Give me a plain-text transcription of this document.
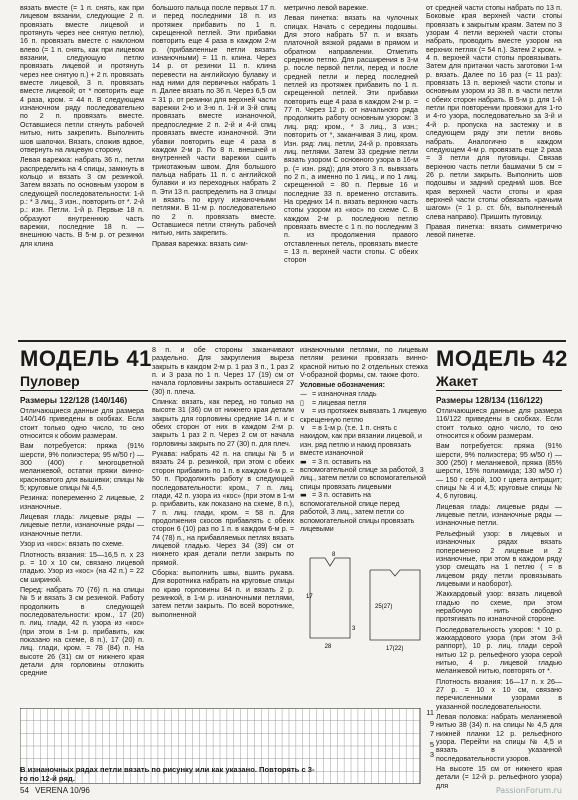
вязать вместе (= 1 п. снять, как при лицевом вязании, следующие 2 п. провязать вместе лицевой и протянуть через нее снятую петлю), 16 п. провязать вместе с наклоном влево (= 1 п. снять, как при лицевом вязании, следующую петлю провязать лицевой и протянуть через нее снятую п.) + 2 п. провязать вместе лицевой, 3 п. провязать вместе лицевой; от * повторить еще 4 раза, кром. = 44 п. В следующем изнаночном ряду последовательно по 2 п. провязать вместе. Оставшиеся петли стянуть рабочей нитью, нить закрепить. Выполнить шов шапочки. Вязать, сложив вдвое, отвернуть на лицевую сторону.

Левая варежка: набрать 36 п., петли распределить на 4 спицы, замкнуть в кольцо и вязать 3 см резинкой. Затем вязать по основным узором в следующей последовательности: 1-й р.: * 3 лиц., 3 изн., повторить от *. 2-й р.: изн. Петли. 1-й р. Первые 18 п. образуют внутреннюю часть варежки, последние 18 п. — внешнюю часть. В 5-м р. от резинки для клина

большого пальца после первых 17 п. и перед последними 18 п. из протяжек прибавить по 1 п. скрещенной петлей. Эти прибавки повторить еще 4 раза в каждом 2-м р. (прибавленные петли вязать изнаночными) = 11 п. клина. Через 14 р. от резинки 11 п. клина перевести на английскую булавку и над ними для первичных набрать 1 п. Далее вязать по 36 п. Через 6,5 см = 31 р. от резинки для верхней части варежки 2-ю и 3-ю п. 1-й и 3-й спиц провязать вместе изнаночной, предпоследние 2 п. 2-й и 4-й спиц провязать вместе изнаночной. Эти убавки повторить еще 4 раза в каждом 2-м р. По 8 п. внешней и внутренней части варежки сшить трикотажным швом. Для большого пальца набрать 11 п. с английской булавки и из переходных набрать 2 п. Эти 13 п. распределить на 3 спицы и вязать по кругу изнаночными петлями. В 11-м р. последовательно по 2 п. провязать вместе. Оставшиеся петли стянуть рабочей нитью, нить закрепить.

Правая варежка: вязать сим-

метрично левой варежке.

Левая пинетка: вязать на чулочных спицах. Начать с середины подошвы. Для этого набрать 57 п. и вязать платочной вязкой рядами в прямом и обратном направлении. Отметить среднюю петлю. Для расширения в 3-м р. после первой петли, перед и после средней петли и перед последней петлей из протяжек прибавить по 1 п. скрещенной петлей. Эти прибавки повторить еще 4 раза в каждом 2-м р. = 77 п. Через 12 р. от начального ряда продолжить работу основным узором: 3 лиц. ряд: кром., * 3 лиц., 3 изн.; повторить от *, заканчивая 3 лиц. кром. Изн. ряд: лиц. петли, 24-й р. провязать лиц. петлями. Затем 33 средние петли вязать узором С основного узора в 16-м р. (= изн. ряд); для этого 3 п. вывязать по 2 п., а именно по 1 лиц., и по 1 лиц. скрещенной = 80 п. Первые 16 и последние 33 п. временно отставить. На средних 14 п. вязать верхнюю часть стопы узором из «кос» по схеме С. В каждом 2-м р. последнюю петлю провязать вместе с 1 п. по последним 3 п. из продолжения правого отставленных петель, провязать вместе = 13 п. верхней части стопы. С обеих сторон

от средней части стопы набрать по 13 п. Боковые края верхней части стопы провязать к закрытым краям. Затем по 3 узорам 4 петли верхней части стопы набрать, проводить вместе узором на верхних петлях (= 54 п.). Затем 2 кром. + 4 п. верхней части стопы провязывать. Затем для притачки часть заготовки 1-м р. вязать. Далее по 16 раз (= 11 раз): провязать 13 п. верхней части стопы и основным узором из 38 п. в части петли с обеих сторон набрать. В 5-м р. для 1-й петли при повторении провязки для 1-го и 4-го узора, последовательно за 3-й и 4-й р. пропуска на застежку и в следующем ряду эти петли вновь набрать. Аналогично в каждом следующем 4-м р. провязать еще 2 раза = 3 петли для пуговицы. Связав верхнюю часть петли башмачки 5 см = 26 р. петли закрыть. Выполнить шов подошвы и задний средний шов. Все края верхней части стопы и края верхней части стопы обвязать «рачьим шагом» (= 1 р. ст. б/н, выполненный слева направо). Пришить пуговицу.

Правая пинетка: вязать симметрично левой пинетке.

МОДЕЛЬ 41
Пуловер
Размеры 122/128 (140/146)

Отличающиеся данные для размера 140/146 приведены в скобках. Если стоит только одно число, то оно относится к обоим размерам.

Вам потребуется: пряжа (91% шерсти, 9% полиэстера; 95 м/50 г) — 300 (400) г многоцветной меланжевой, остатки пряжи винно-красноватого для вышивки; спицы № 5; круговые спицы № 4,5.

Резинка: попеременно 2 лицевые, 2 изнаночные.

Лицевая гладь: лицевые ряды — лицевые петли, изнаночные ряды — изнаночные петли.

Узор из «кос»: вязать по схеме.

Плотность вязания: 15—16,5 п. x 23 р. = 10 х 10 см, связано лицевой гладью. Узор из «кос» (на 42 п.) = 22 см шириной.

Перед: набрать 70 (76) п. на спицы № 5 и вязать 3 см резинкой. Работу продолжить в следующей последовательности: кром., 17 (20) п. лиц. глади, 42 п. узора из «кос» (при этом в 1-м р. прибавить, как показано на схеме, 8 п.), 17 (20) п. лиц. глади, кром. = 78 (84) п. На высоте 26 (31) см от нижнего края детали для горловины отложить средние

8 п. и обе стороны заканчивают раздельно. Для закругления выреза закрыть в каждом 2-м р. 1 раз 3 п., 1 раз 2 п. и 3 раза по 1 п. Через 17 (19) см от начала горловины закрыть оставшиеся 27 (30) п. плеча.

Спинка: вязать, как перед, но только на высоте 31 (36) см от нижнего края детали закрыть для горловины средние 14 п. и с обеих сторон от них в каждом 2-м р. закрыть 1 раз 2 п. Через 2 см от начала горловины закрыть по 27 (30) п. для плеч.

Рукава: набрать 42 п. на спицы № 5 и вязать 24 р. резинкой, при этом с обеих сторон прибавить по 1 п. в каждом 6-м р. = 50 п. Продолжить работу в следующей последовательности: кром., 7 п. лиц. глади, 42 п. узора из «кос» (при этом в 1-м р. прибавить, как показано на схеме, 8 п.), 7 п. лиц. глади, кром. = 58 п. Для продолжения скосов прибавлять с обеих сторон 6 (10) раз по 1 п. в каждом 6-м р. = 74 (78) п., на прибавляемых петлях вязать лицевой гладью. Через 34 (39) см от нижнего края детали петли закрыть по прямой.

Сборка: выполнить швы, вшить рукава. Для воротника набрать на круговые спицы по краю горловины 84 п. и вязать 2 р. резинкой, в 1-м р. изнаночными петлями, затем петли закрыть. По всей воротнике, выполненной

изнаночными петлями, по лицевым петлям резинки провязать винно-красной нитью по 2 отдельных стежка V-образной формы, см. также фото.

Условные обозначения:
— = изнаночная гладь
▯ = лицевая петля
∨ = из протяжек вывязать 1 лицевую скрещенную петлю
∨ = в 1-м р. (т.е. 1 п. снять с накидом, как при вязании лицевой, и изн. ряд петлю и накид провязать вместе изнаночной
▬ = 3 п. оставить на вспомогательной спице за работой, 3 лиц., затем петли со вспомогательной спицы провязать лицевыми
▬ = 3 п. оставить на вспомогательной спице перед работой, 3 лиц., затем петли со вспомогательной спицы провязать лицевыми
28
8
17
3
25(27)
17(22)
11
9
7
5
3
В изнаночных рядах петли вязать по рисунку или как указано. Повторять с 3-го по 12-й ряд.
МОДЕЛЬ 42
Жакет
Размеры 128/134 (116/122)

Отличающиеся данные для размера 116/122 приведены в скобках. Если стоит только одно число, то оно относится к обоим размерам.

Вам потребуется: пряжа (91% шерсти, 9% полиэстера; 95 м/50 г) — 300 (250) г меланжевой, пряжа (85% шерсти, 15% полиамида; 130 м/50 г) — 150 г серой, 100 г цвета антрацит; спицы № 4 и 4,5; круговые спицы № 4, 6 пуговиц.

Лицевая гладь: лицевые ряды — лицевые петли, изнаночные ряды — изнаночные петли.

Рельефный узор: в лицевых и изнаночных рядах вязать попеременно 2 лицевые и 2 изнаночные, при этом в каждом ряду узор смещать на 1 петлю ( = в лицевом ряду петли провязывать лицевыми и наоборот).

Жаккардовый узор: вязать лицевой гладью по схеме, при этом нерабочую нить свободно протягивать по изнаночной стороне.

Последовательность узоров: * 10 р. жаккардового узора (при этом 3-й раппорт), 10 р. лиц. глади серой нитью 12 р. рельефного узора серой нитью, 4 р. лицевой гладью меланжевой нитью, повторять от *.

Плотность вязания: 16—17 п. x 26—27 р. = 10 x 10 см, связано перечисленными узорами в указанной последовательности.

Левая половка: набрать меланжевой нитью 38 (34) п. на спицы № 4,5 для нижней планки 12 р. рельефного узора. Перейти на спицы № 4,5 и вязать в указанной последовательности узоров.

На высоте 15 см от нижнего края детали (= 12-й р. рельефного узора) для

54 VERENA 10/96	PassionForum.ru
